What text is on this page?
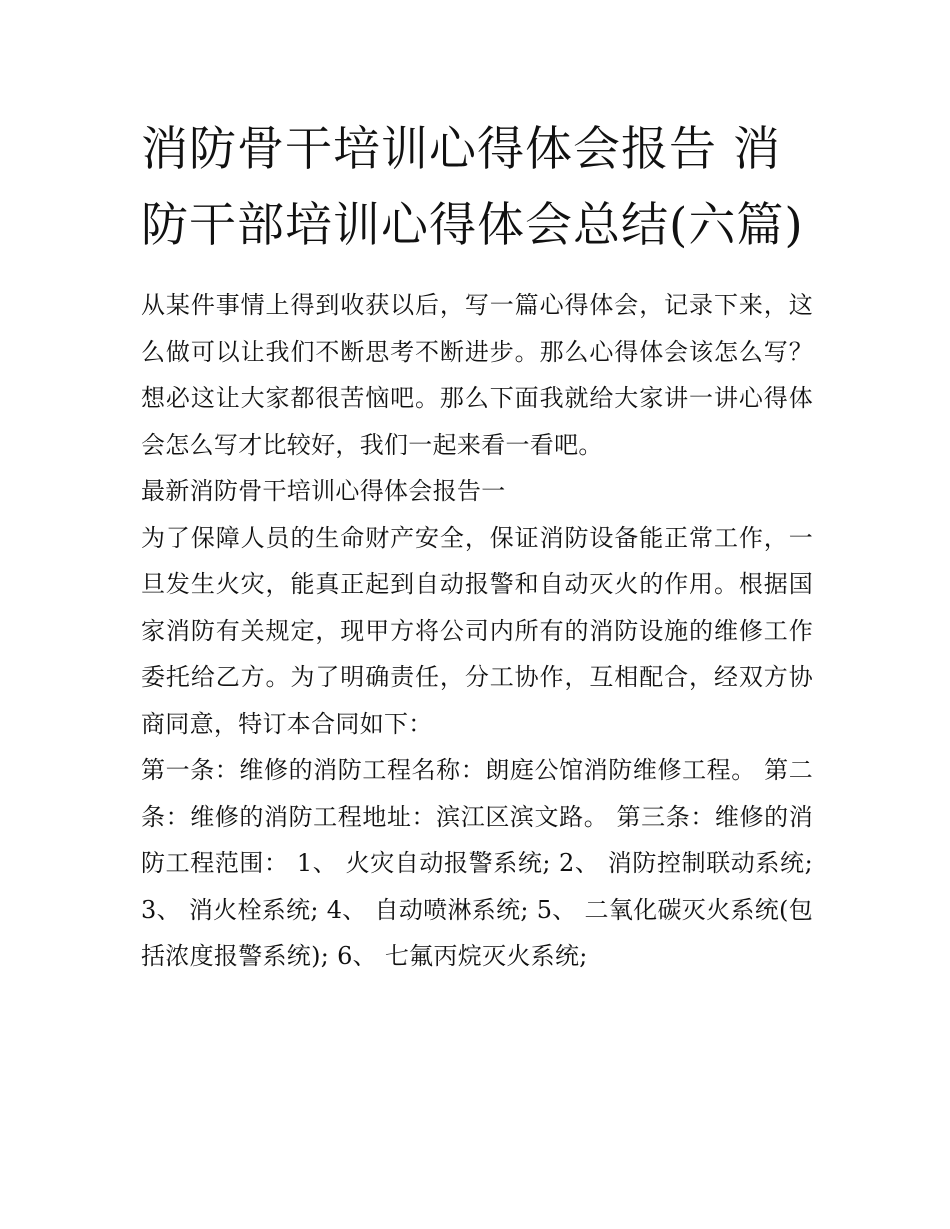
消防骨干培训心得体会报告 消防干部培训心得体会总结(六篇)

从某件事情上得到收获以后，写一篇心得体会，记录下来，这么做可以让我们不断思考不断进步。那么心得体会该怎么写？想必这让大家都很苦恼吧。那么下面我就给大家讲一讲心得体会怎么写才比较好，我们一起来看一看吧。

最新消防骨干培训心得体会报告一

为了保障人员的生命财产安全，保证消防设备能正常工作，一旦发生火灾，能真正起到自动报警和自动灭火的作用。根据国家消防有关规定，现甲方将公司内所有的消防设施的维修工作委托给乙方。为了明确责任，分工协作，互相配合，经双方协商同意，特订本合同如下：

第一条：维修的消防工程名称：朗庭公馆消防维修工程。 第二条：维修的消防工程地址：滨江区滨文路。 第三条：维修的消防工程范围： 1、 火灾自动报警系统; 2、 消防控制联动系统; 3、 消火栓系统; 4、 自动喷淋系统; 5、 二氧化碳灭火系统(包括浓度报警系统); 6、 七氟丙烷灭火系统;
